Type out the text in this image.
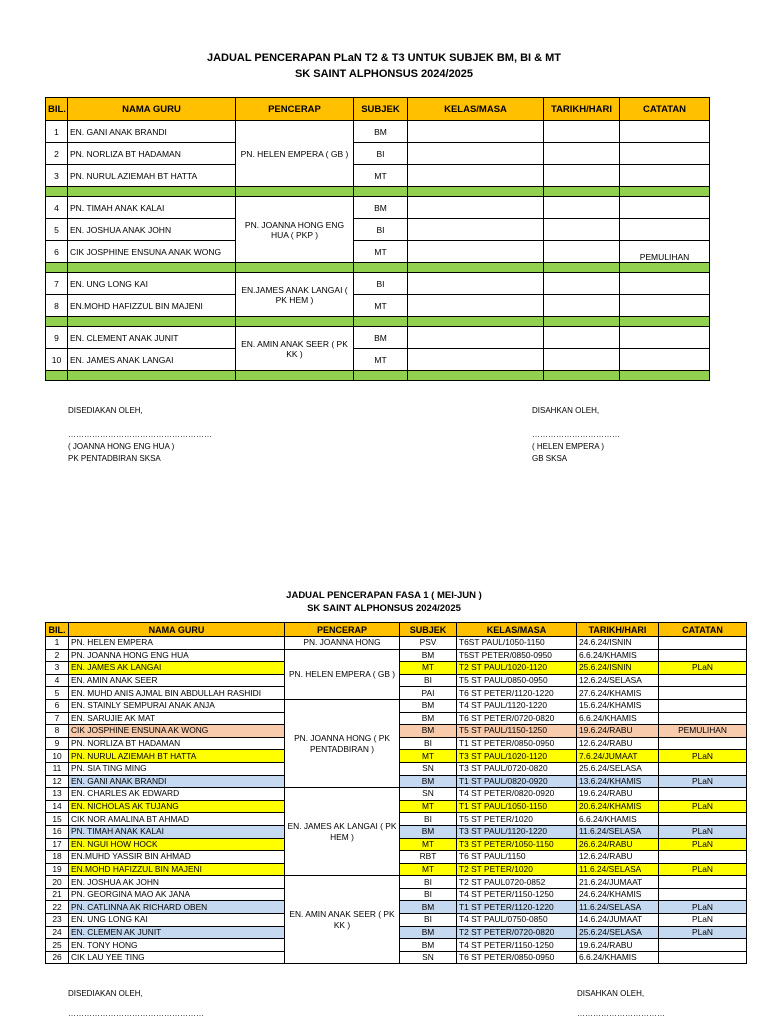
JADUAL PENCERAPAN PLaN T2 & T3 UNTUK SUBJEK BM, BI & MT
SK SAINT ALPHONSUS 2024/2025
BIL.	NAMA GURU	PENCERAP	SUBJEK	KELAS/MASA	TARIKH/HARI	CATATAN
1	EN. GANI ANAK BRANDI	PN. HELEN EMPERA ( GB )	BM			
2	PN. NORLIZA BT HADAMAN		BI			
3	PN. NURUL AZIEMAH BT HATTA		MT			

4	PN. TIMAH ANAK KALAI	PN. JOANNA HONG ENG HUA ( PKP )	BM			
5	EN. JOSHUA ANAK JOHN		BI			
6	CIK JOSPHINE ENSUNA ANAK WONG		MT			PEMULIHAN

7	EN. UNG LONG KAI	EN.JAMES ANAK LANGAI ( PK HEM )	BI			
8	EN.MOHD HAFIZZUL BIN MAJENI		MT			

9	EN. CLEMENT ANAK JUNIT	EN. AMIN ANAK SEER ( PK KK )	BM			
10	EN. JAMES ANAK LANGAI		MT			

DISEDIAKAN OLEH,
………………………………………………
( JOANNA HONG ENG HUA )
PK PENTADBIRAN SKSA
DISAHKAN OLEH,
……………………………
( HELEN EMPERA )
GB SKSA
JADUAL PENCERAPAN FASA 1 ( MEI-JUN )
SK SAINT ALPHONSUS 2024/2025
BIL.	NAMA GURU	PENCERAP	SUBJEK	KELAS/MASA	TARIKH/HARI	CATATAN
1	PN. HELEN EMPERA	PN. JOANNA HONG	PSV	T6ST PAUL/1050-1150	24.6.24/ISNIN	
2	PN. JOANNA HONG ENG HUA	PN. HELEN EMPERA ( GB )	BM	T5ST PETER/0850-0950	6.6.24/KHAMIS	
3	EN. JAMES AK LANGAI		MT	T2 ST PAUL/1020-1120	25.6.24/ISNIN	PLaN
4	EN. AMIN ANAK SEER		BI	T5 ST PAUL/0850-0950	12.6.24/SELASA	
5	EN. MUHD ANIS AJMAL BIN ABDULLAH RASHIDI		PAI	T6 ST PETER/1120-1220	27.6.24/KHAMIS	
6	EN. STAINLY SEMPURAI ANAK ANJA	PN. JOANNA HONG ( PK PENTADBIRAN )	BM	T4 ST PAUL/1120-1220	15.6.24/KHAMIS	
7	EN. SARUJIE AK MAT		BM	T6 ST PETER/0720-0820	6.6.24/KHAMIS	
8	CIK JOSPHINE ENSUNA AK WONG		BM	T5 ST PAUL/1150-1250	19.6.24/RABU	PEMULIHAN
9	PN. NORLIZA BT HADAMAN		BI	T1 ST PETER/0850-0950	12.6.24/RABU	
10	PN. NURUL AZIEMAH BT HATTA		MT	T3 ST PAUL/1020-1120	7.6.24/JUMAAT	PLaN
11	PN. SIA TING MING		SN	T3 ST PAUL/0720-0820	25.6.24/SELASA	
12	EN. GANI ANAK BRANDI		BM	T1 ST PAUL/0820-0920	13.6.24/KHAMIS	PLaN
13	EN. CHARLES AK EDWARD	EN. JAMES AK LANGAI ( PK HEM )	SN	T4 ST PETER/0820-0920	19.6.24/RABU	
14	EN. NICHOLAS AK TUJANG		MT	T1 ST PAUL/1050-1150	20.6.24/KHAMIS	PLaN
15	CIK NOR AMALINA BT AHMAD		BI	T5 ST PETER/1020	6.6.24/KHAMIS	
16	PN. TIMAH ANAK KALAI		BM	T3 ST PAUL/1120-1220	11.6.24/SELASA	PLaN
17	EN. NGUI HOW HOCK		MT	T3 ST PETER/1050-1150	26.6.24/RABU	PLaN
18	EN.MUHD YASSIR BIN AHMAD		RBT	T6 ST PAUL/1150	12.6.24/RABU	
19	EN.MOHD HAFIZZUL BIN MAJENI		MT	T2 ST PETER/1020	11.6.24/SELASA	PLaN
20	EN. JOSHUA AK JOHN	EN. AMIN ANAK SEER ( PK KK )	BI	T2 ST PAUL0720-0852	21.6.24/JUMAAT	
21	PN. GEORGINA MAO AK JANA		BI	T4 ST PETER/1150-1250	24.6.24/KHAMIS	
22	PN. CATLINNA AK RICHARD OBEN		BM	T1 ST PETER/1120-1220	11.6.24/SELASA	PLaN
23	EN. UNG LONG KAI		BI	T4 ST PAUL/0750-0850	14.6.24/JUMAAT	PLaN
24	EN. CLEMEN AK JUNIT		BM	T2 ST PETER/0720-0820	25.6.24/SELASA	PLaN
25	EN. TONY HONG		BM	T4 ST PETER/1150-1250	19.6.24/RABU	
26	CIK LAU YEE TING		SN	T6 ST PETER/0850-0950	6.6.24/KHAMIS	
DISEDIAKAN OLEH,
……………………………………………
DISAHKAN OLEH,
……………………………
